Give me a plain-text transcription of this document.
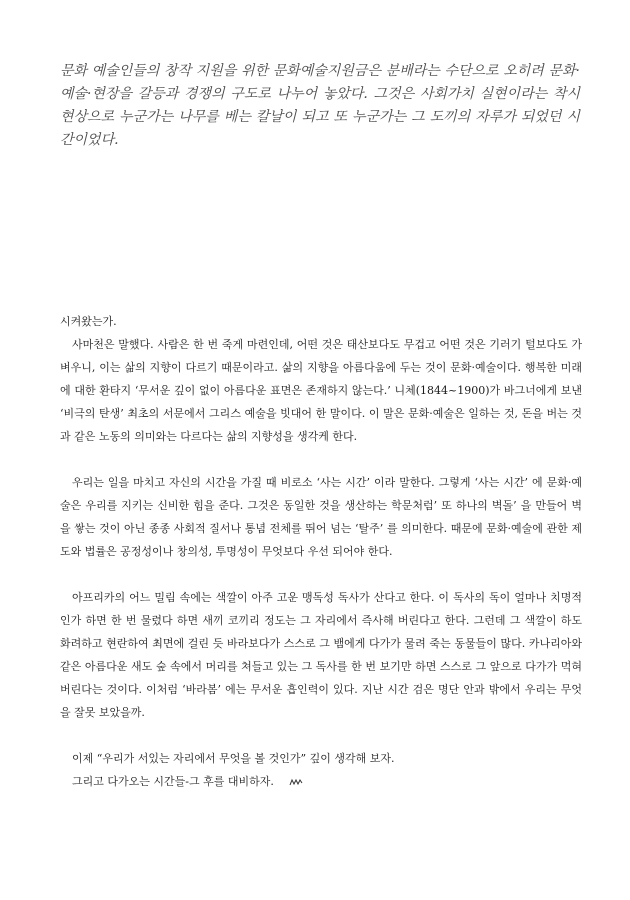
문화 예술인들의 창작 지원을 위한 문화예술지원금은 분배라는 수단으로 오히려 문화·예술·현장을 갈등과 경쟁의 구도로 나누어 놓았다. 그것은 사회가치 실현이라는 착시 현상으로 누군가는 나무를 베는 칼날이 되고 또 누군가는 그 도끼의 자루가 되었던 시간이었다.

시켜왔는가.

사마천은 말했다. 사람은 한 번 죽게 마련인데, 어떤 것은 태산보다도 무겁고 어떤 것은 기러기 털보다도 가벼우니, 이는 삶의 지향이 다르기 때문이라고. 삶의 지향을 아름다움에 두는 것이 문화·예술이다. 행복한 미래에 대한 환타지 ‘무서운 깊이 없이 아름다운 표면은 존재하지 않는다.’ 니체(1844~1900)가 바그너에게 보낸 ‘비극의 탄생’ 최초의 서문에서 그리스 예술을 빗대어 한 말이다. 이 말은 문화·예술은 일하는 것, 돈을 버는 것과 같은 노동의 의미와는 다르다는 삶의 지향성을 생각케 한다.

우리는 일을 마치고 자신의 시간을 가질 때 비로소 ‘사는 시간’ 이라 말한다. 그렇게 ‘사는 시간’ 에 문화·예술은 우리를 지키는 신비한 힘을 준다. 그것은 동일한 것을 생산하는 학문처럼’ 또 하나의 벽돌’ 을 만들어 벽을 쌓는 것이 아닌 종종 사회적 질서나 통념 전체를 뛰어 넘는 ‘탈주’ 를 의미한다. 때문에 문화·예술에 관한 제도와 법률은 공정성이나 창의성, 투명성이 무엇보다 우선 되어야 한다.

아프리카의 어느 밀림 속에는 색깔이 아주 고운 맹독성 독사가 산다고 한다. 이 독사의 독이 얼마나 치명적인가 하면 한 번 물렸다 하면 새끼 코끼리 정도는 그 자리에서 즉사해 버린다고 한다. 그런데 그 색깔이 하도 화려하고 현란하여 최면에 걸린 듯 바라보다가 스스로 그 뱀에게 다가가 물려 죽는 동물들이 많다. 카나리아와 같은 아름다운 새도 숲 속에서 머리를 쳐들고 있는 그 독사를 한 번 보기만 하면 스스로 그 앞으로 다가가 먹혀 버린다는 것이다. 이처럼 ‘바라봄’ 에는 무서운 흡인력이 있다. 지난 시간 검은 명단 안과 밖에서 우리는 무엇을 잘못 보았을까.

이제 “우리가 서있는 자리에서 무엇을 볼 것인가” 깊이 생각해 보자.

그리고 다가오는 시간들-그 후를 대비하자.
